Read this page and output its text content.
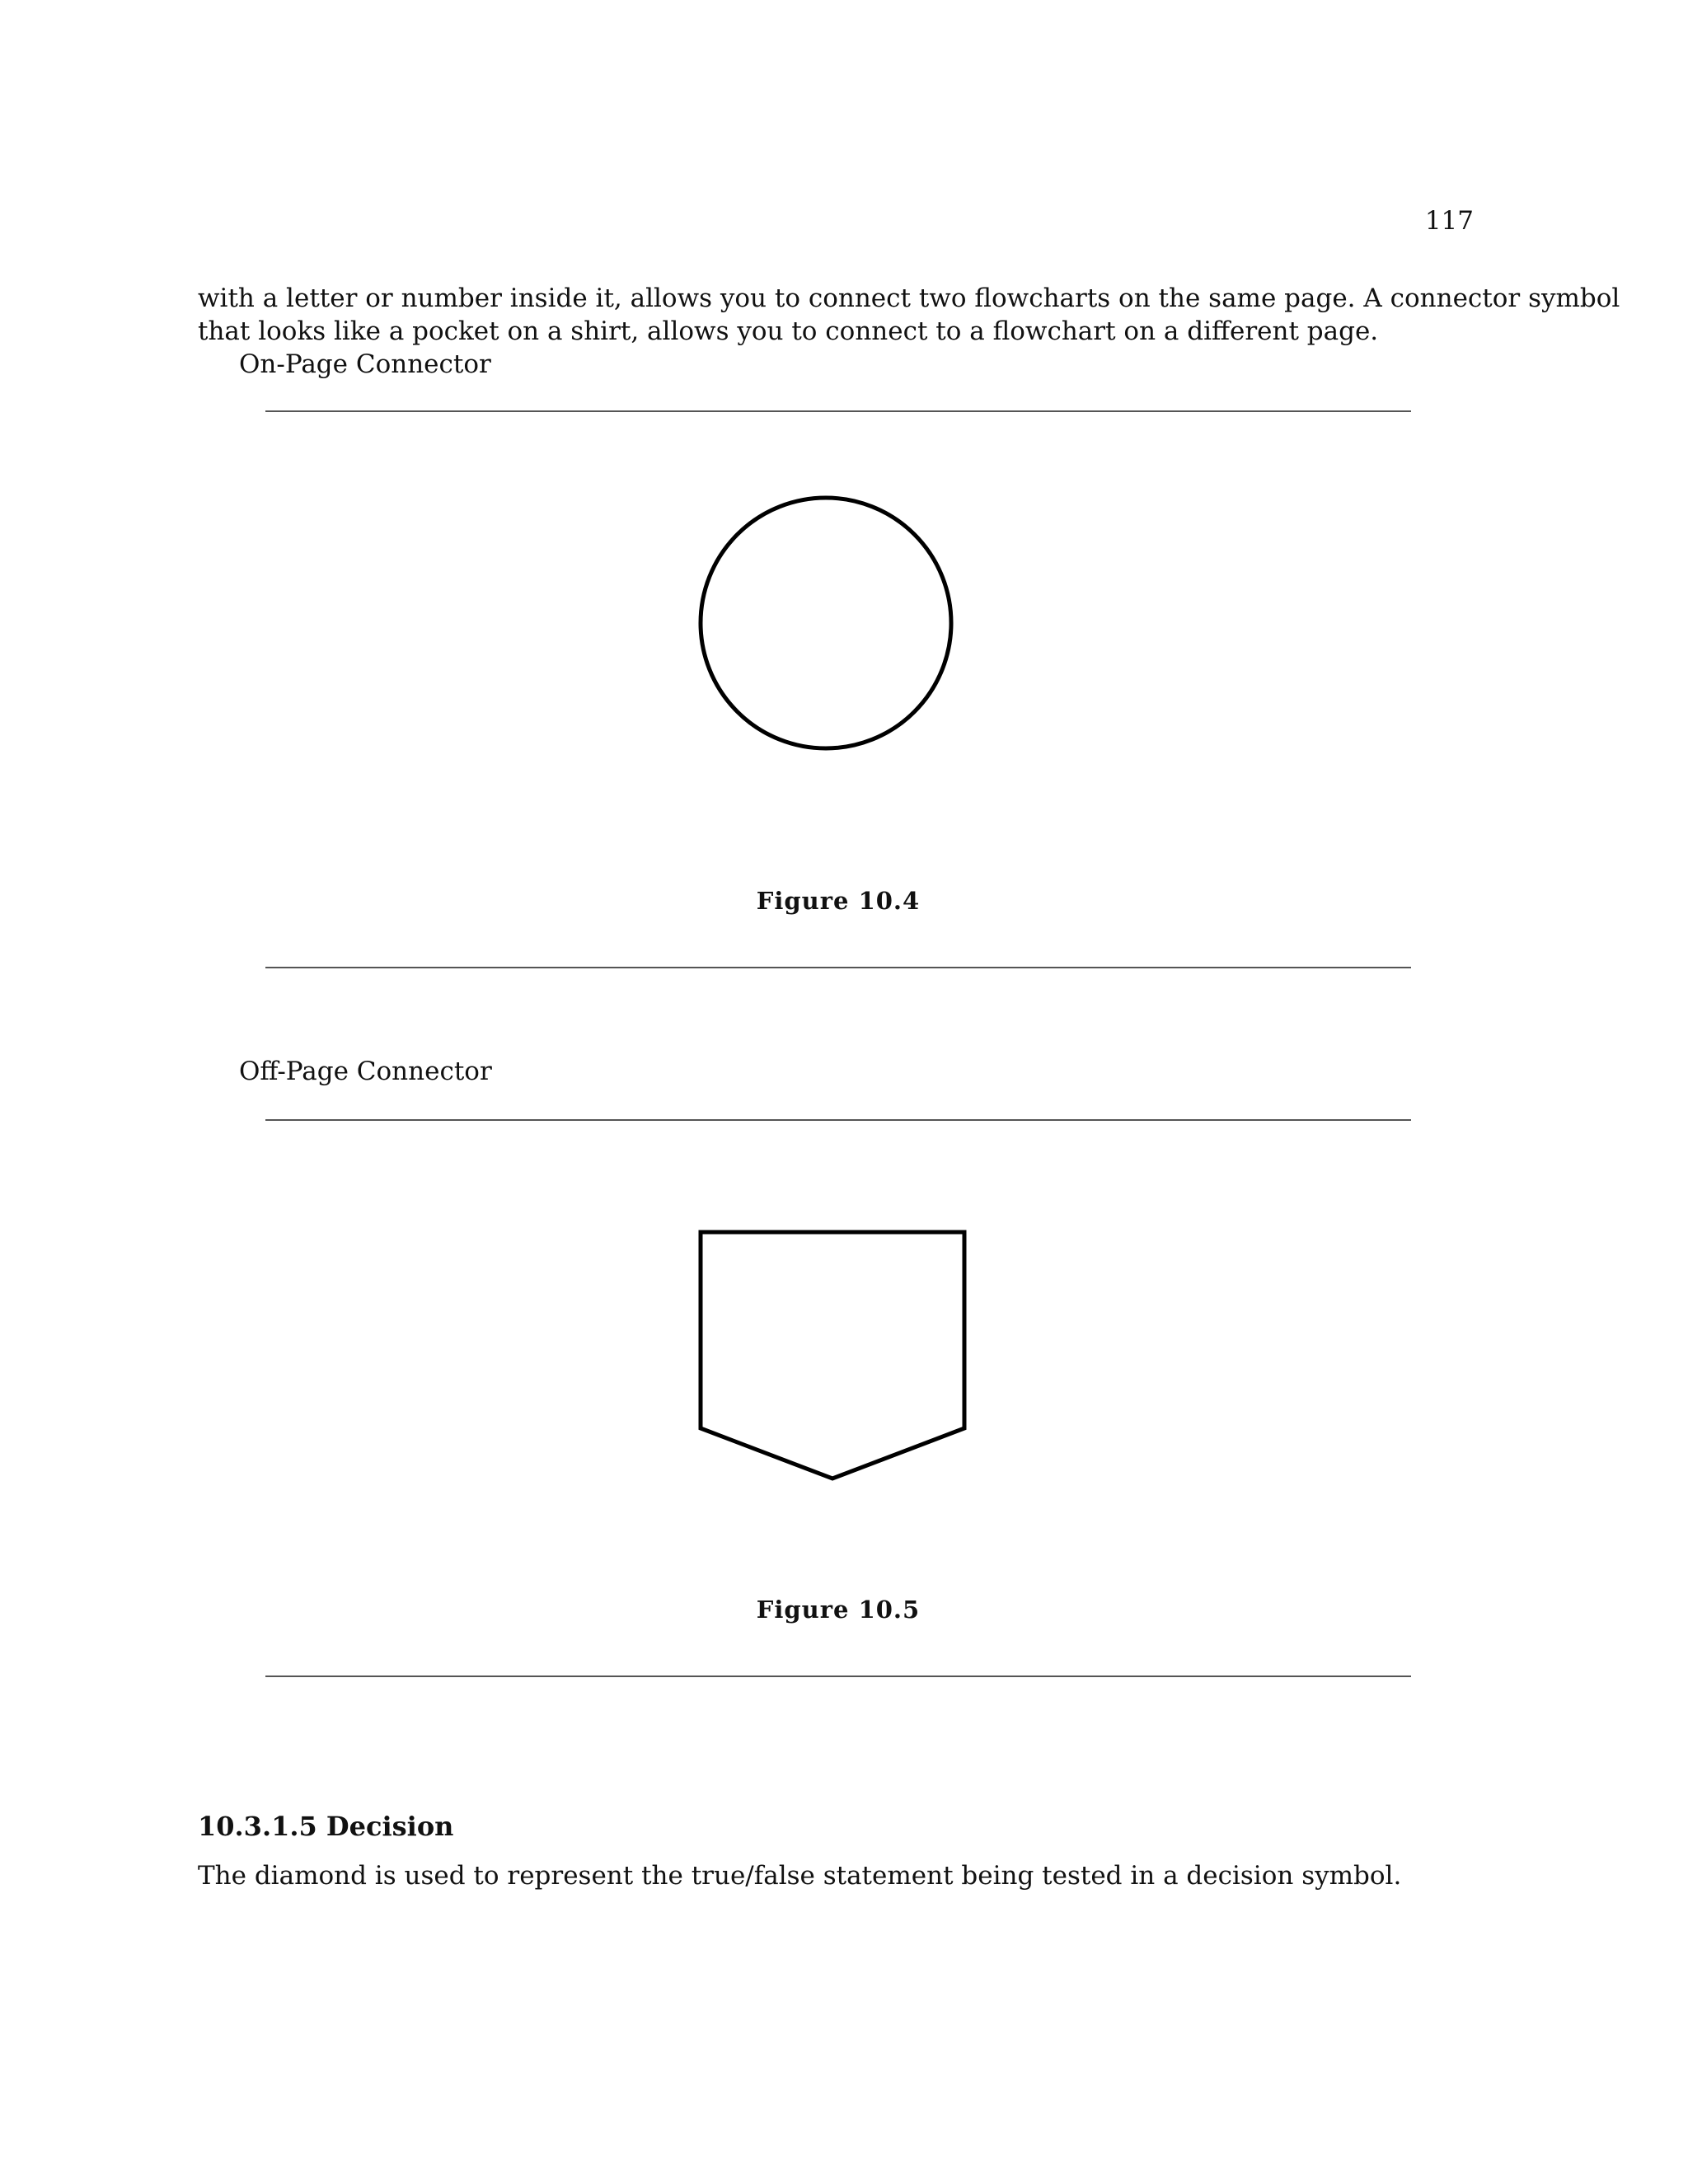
117
with a letter or number inside it, allows you to connect two flowcharts on the same page. A connector symbol
that looks like a pocket on a shirt, allows you to connect to a flowchart on a different page.
On-Page Connector
Figure 10.4
Off-Page Connector
Figure 10.5
10.3.1.5 Decision
The diamond is used to represent the true/false statement being tested in a decision symbol.
